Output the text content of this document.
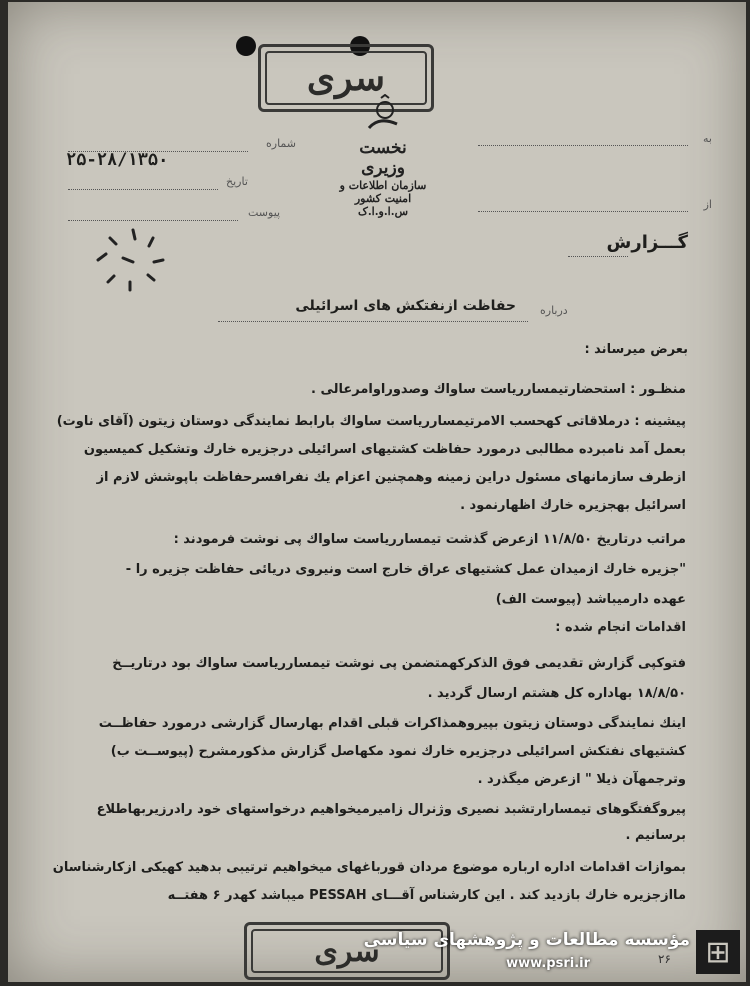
سری
شماره
۲۵-۲۸/۱۳۵۰
تاریخ
پیوست
نخست وزیری
سازمان اطلاعات و امنیت کشور
س.ا.و.ا.ک
به
از
گـــزارش
درباره
حفاظت ازنفتکش های اسرائیلی
بعرض میرساند :
منظـور : استحضارتیمساررياست ساواك وصدوراوامرعالی .
پیشینه : درملاقاتی کهحسب الامرتیمساررياست ساواك بارابط نمایندگی دوستان زیتون (آقای ناوت)
بعمل آمد نامبرده مطالبی درمورد حفاظت کشتیهای اسرائیلی درجزیره خارك وتشکیل کمیسیون
ازطرف سازمانهای مسئول دراین زمینه وهمچنین اعزام یك نفرافسرحفاظت باپوشش لازم از
اسرائیل بهجزیره خارك اظهارنمود .
مراتب درتاریخ ۱۱/۸/۵۰ ازعرض گذشت تیمساررياست ساواك پی نوشت فرمودند :
"جزیره خارك ازمیدان عمل کشتیهای عراق خارج است ونیروی دریائی حفاظت جزیره را -
عهده دارمیباشد (پیوست الف)
اقدامات انجام شده :
فتوکپی گزارش تقدیمی فوق الذکرکهمتضمن پی نوشت تیمساررياست ساواك بود درتاریــخ
۱۸/۸/۵۰ بهاداره کل هشتم ارسال گردید .
اینك نمایندگی دوستان زیتون بپیروهمذاکرات قبلی اقدام بهارسال گزارشی درمورد حفاظــت
کشتیهای نفتکش اسرائیلی درجزیره خارك نمود مکهاصل گزارش مذکورمشرح (پیوســت ب)
وترجمهآن ذیلا " ازعرض میگذرد .
پیروگفتگوهای تیمسارارتشبد نصیری وژنرال زامیرمیخواهیم درخواستهای خود رادرزیربهاطلاع
برسانیم .
بموازات اقدامات اداره ارباره موضوع مردان قورباغهای میخواهیم ترتیبی بدهید کهیکی ازکارشناسان
ماازجزیره خارك بازدید کند . این کارشناس آقـــای PESSAH میباشد کهدر ۶ هفتــه
سری	۲۶	⊞
مؤسسه مطالعات و پژوهشهای سیاسی
www.psri.ir
